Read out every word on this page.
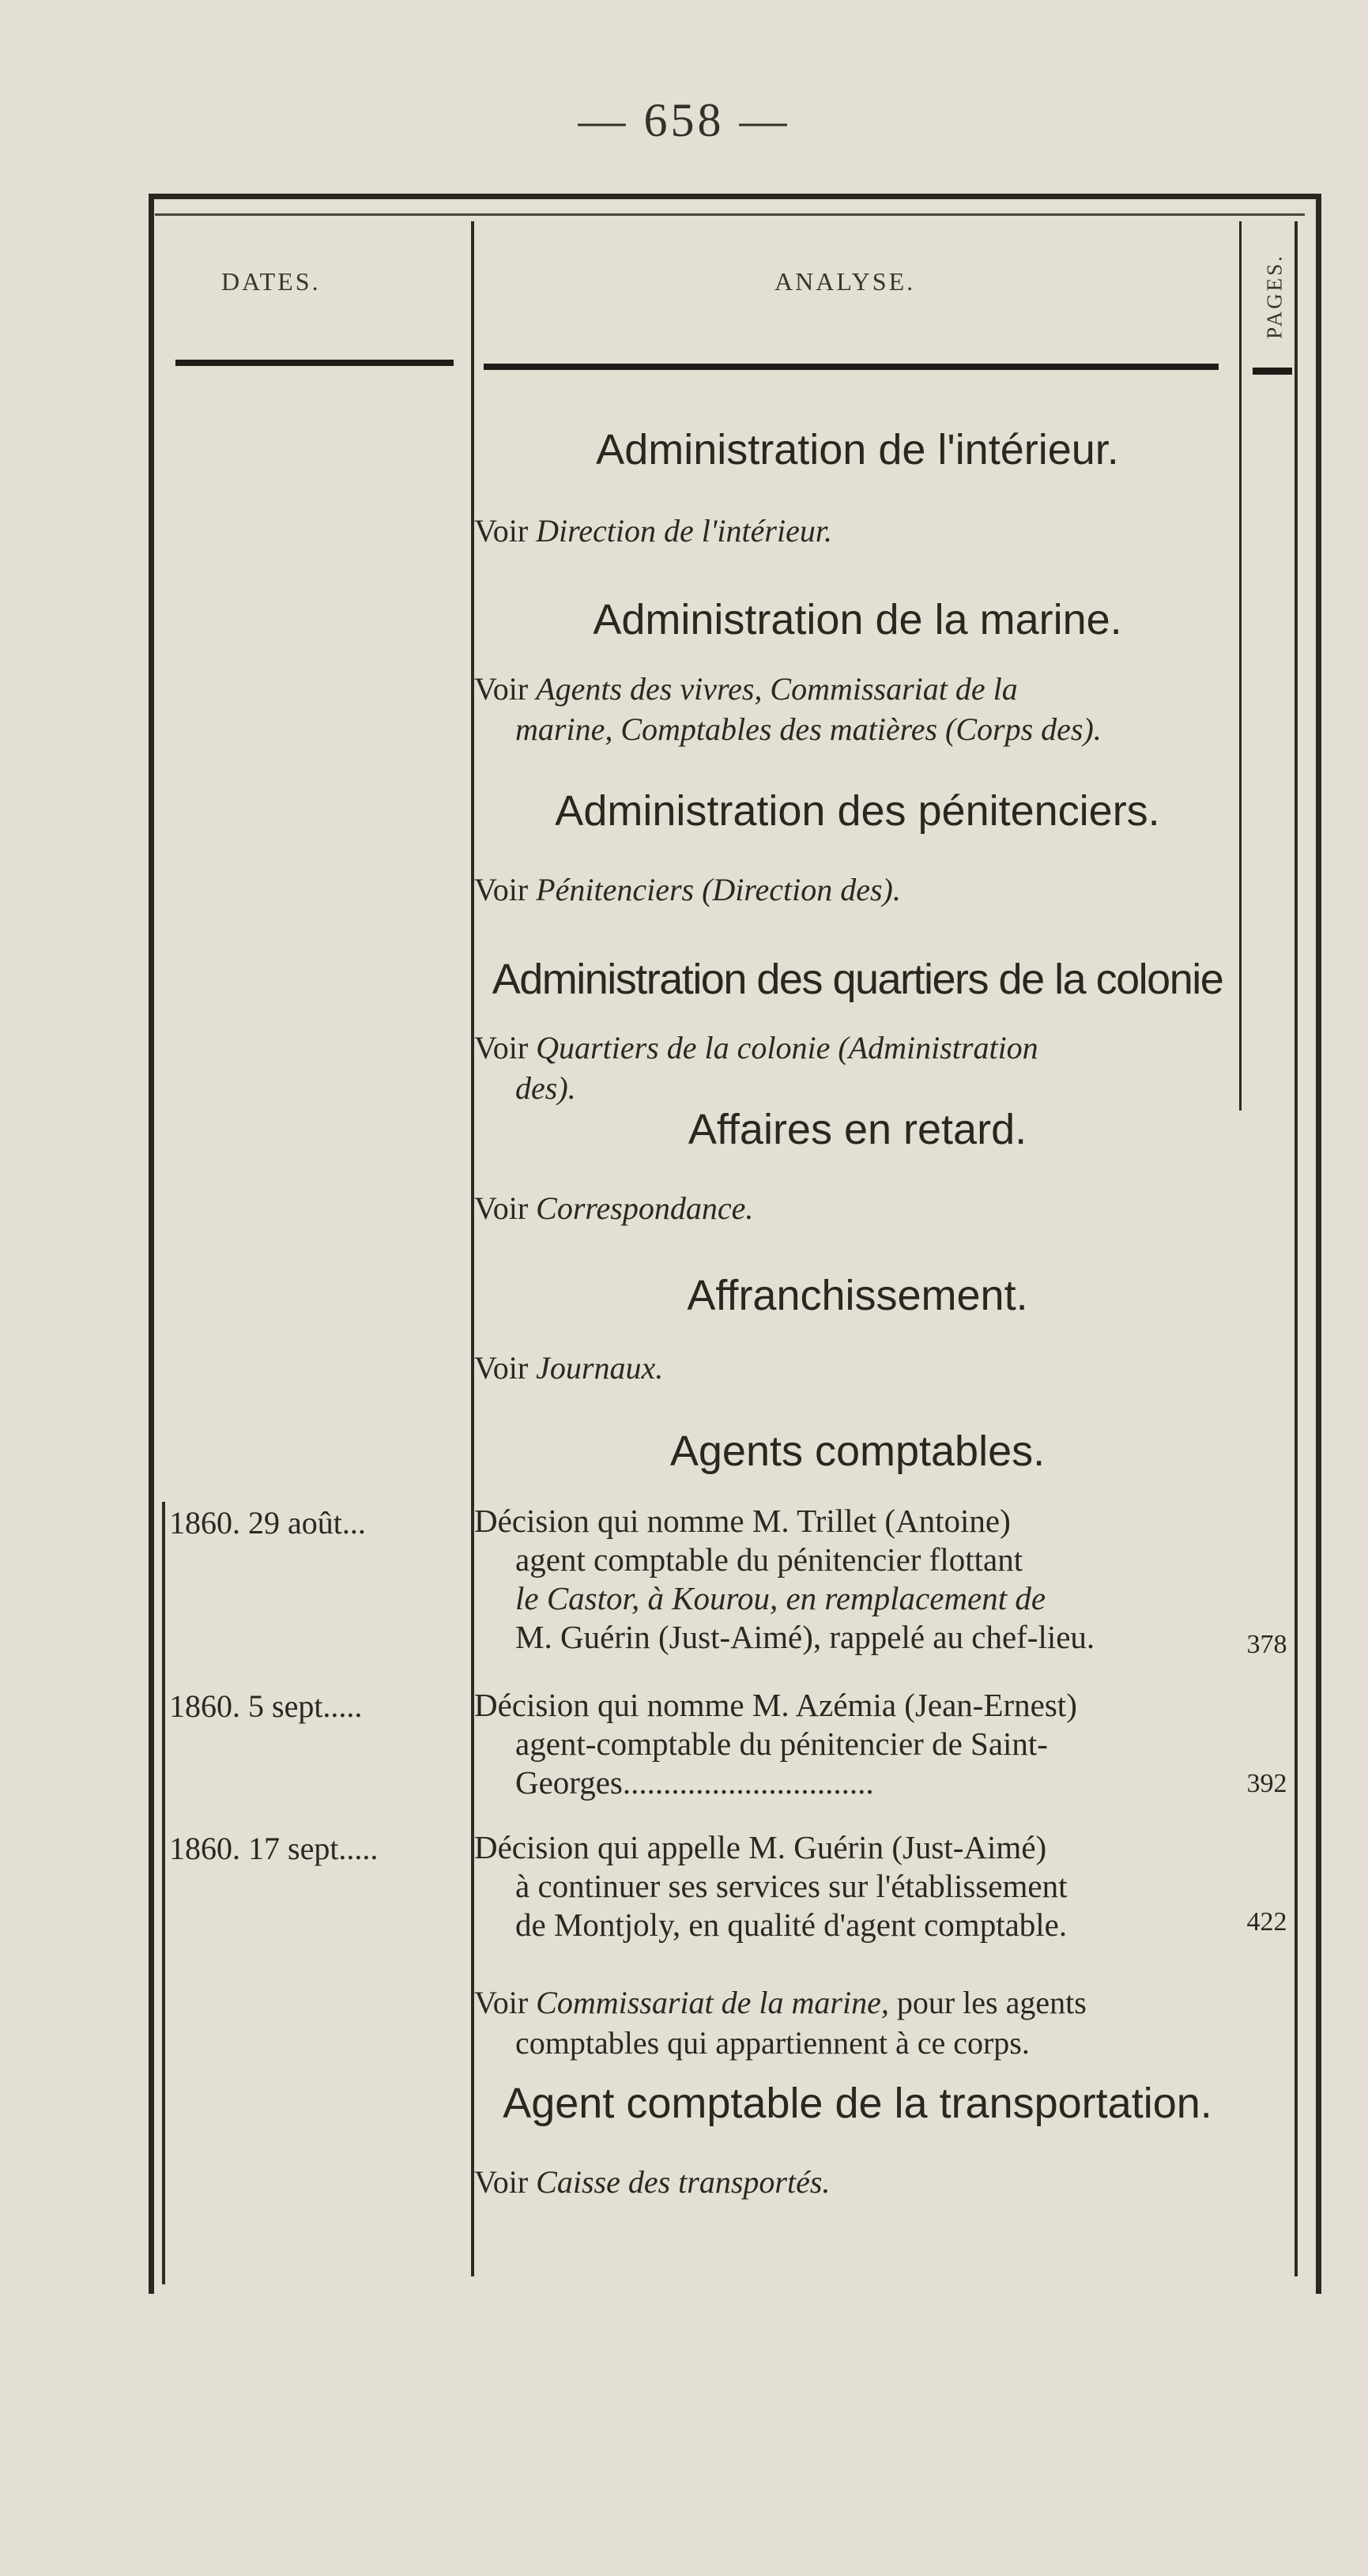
— 658 —
DATES.	ANALYSE.	PAGES.
Administration de l'intérieur.
Voir Direction de l'intérieur.
Administration de la marine.
Voir Agents des vivres, Commissariat de la
marine, Comptables des matières (Corps des).
Administration des pénitenciers.
Voir Pénitenciers (Direction des).
Administration des quartiers de la colonie
Voir Quartiers de la colonie (Administration
des).
Affaires en retard.
Voir Correspondance.
Affranchissement.
Voir Journaux.
Agents comptables.
1860. 29 août...	Décision qui nomme M. Trillet (Antoine)
agent comptable du pénitencier flottant
le Castor, à Kourou, en remplacement de
M. Guérin (Just-Aimé), rappelé au chef-lieu.	378
1860. 5 sept.....	Décision qui nomme M. Azémia (Jean-Ernest)
agent-comptable du pénitencier de Saint-
Georges...............................	392
1860. 17 sept.....	Décision qui appelle M. Guérin (Just-Aimé)
à continuer ses services sur l'établissement
de Montjoly, en qualité d'agent comptable.	422
Voir Commissariat de la marine, pour les agents
comptables qui appartiennent à ce corps.
Agent comptable de la transportation.
Voir Caisse des transportés.
